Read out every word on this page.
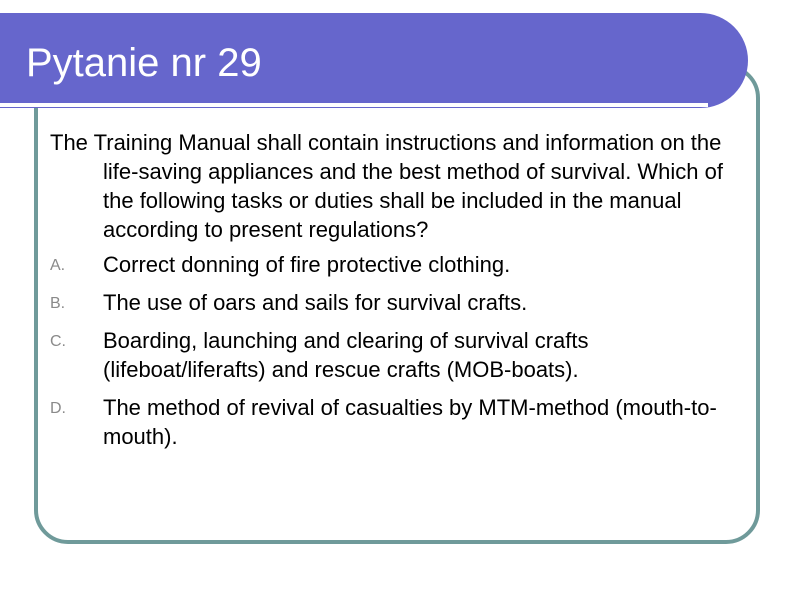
Pytanie nr 29

The Training Manual shall contain instructions and information on the life-saving appliances and the best method of survival. Which of the following tasks or duties shall be included in the manual according to present regulations?

A. Correct donning of fire protective clothing.
B. The use of oars and sails for survival crafts.
C. Boarding, launching and clearing of survival crafts (lifeboat/liferafts) and rescue crafts (MOB-boats).
D. The method of revival of casualties by MTM-method (mouth-to-mouth).
